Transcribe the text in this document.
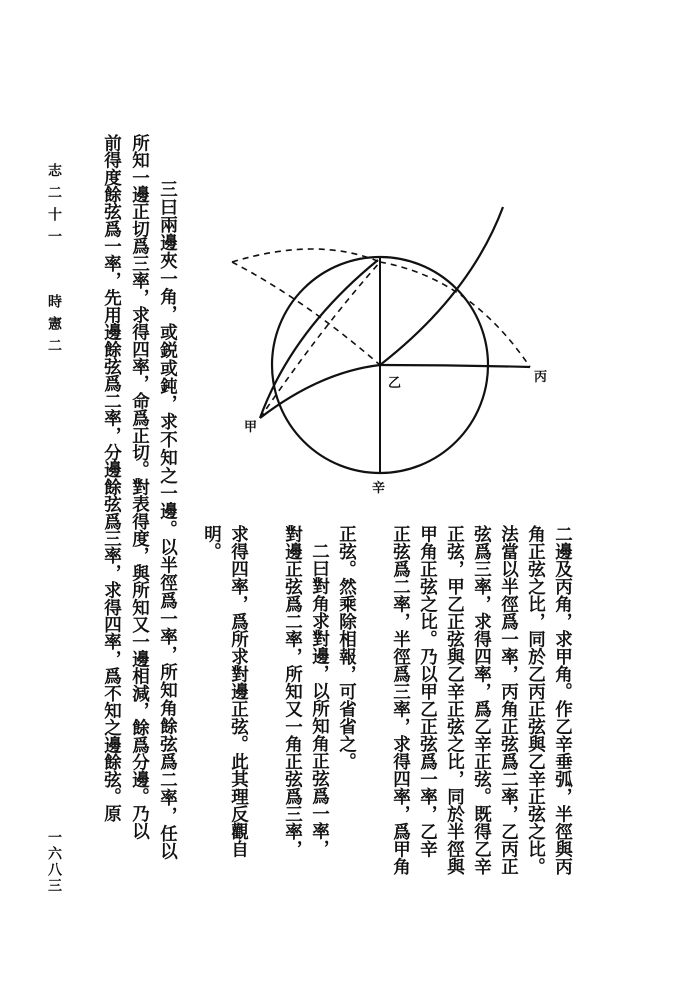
志二十一
時憲二
一六八三
乙	丙
甲
辛
二邊及丙角，求甲角。作乙辛垂弧，半徑與丙
角正弦之比，同於乙丙正弦與乙辛正弦之比。
法當以半徑爲一率，丙角正弦爲二率，乙丙正
弦爲三率，求得四率，爲乙辛正弦。既得乙辛
正弦，甲乙正弦與乙辛正弦之比，同於半徑與
甲角正弦之比。乃以甲乙正弦爲一率，乙辛
正弦爲二率，半徑爲三率，求得四率，爲甲角
正弦。然乘除相報，可省省之。
二曰對角求對邊，以所知角正弦爲一率，
對邊正弦爲二率，所知又一角正弦爲三率，
求得四率，爲所求對邊正弦。此其理反觀自
明。
三曰兩邊夾一角，或鋭或鈍，求不知之一邊。以半徑爲一率，所知角餘弦爲二率，任以
所知一邊正切爲三率，求得四率，命爲正切。對表得度，與所知又一邊相減，餘爲分邊。乃以
前得度餘弦爲一率，先用邊餘弦爲二率，分邊餘弦爲三率，求得四率，爲不知之邊餘弦。原
